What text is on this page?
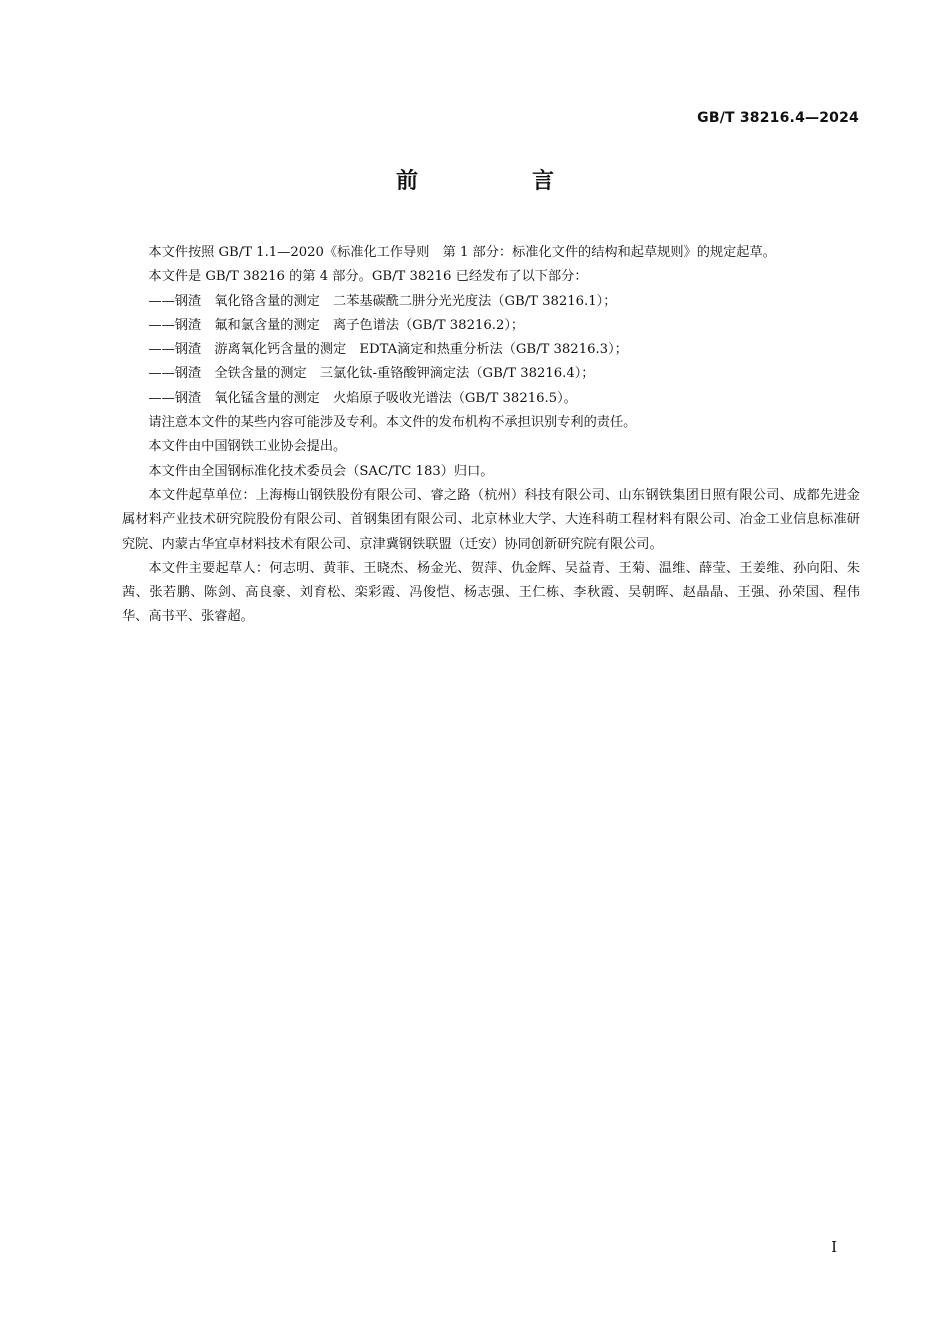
GB/T 38216.4—2024
前　言

本文件按照 GB/T 1.1—2020《标准化工作导则　第 1 部分：标准化文件的结构和起草规则》的规定起草。

本文件是 GB/T 38216 的第 4 部分。GB/T 38216 已经发布了以下部分：

——钢渣　氧化铬含量的测定　二苯基碳酰二肼分光光度法（GB/T 38216.1）；

——钢渣　氟和氯含量的测定　离子色谱法（GB/T 38216.2）；

——钢渣　游离氧化钙含量的测定　EDTA滴定和热重分析法（GB/T 38216.3）；

——钢渣　全铁含量的测定　三氯化钛-重铬酸钾滴定法（GB/T 38216.4）；

——钢渣　氧化锰含量的测定　火焰原子吸收光谱法（GB/T 38216.5）。

请注意本文件的某些内容可能涉及专利。本文件的发布机构不承担识别专利的责任。

本文件由中国钢铁工业协会提出。

本文件由全国钢标准化技术委员会（SAC/TC 183）归口。

本文件起草单位：上海梅山钢铁股份有限公司、睿之路（杭州）科技有限公司、山东钢铁集团日照有限公司、成都先进金属材料产业技术研究院股份有限公司、首钢集团有限公司、北京林业大学、大连科萌工程材料有限公司、冶金工业信息标准研究院、内蒙古华宜卓材料技术有限公司、京津冀钢铁联盟（迁安）协同创新研究院有限公司。

本文件主要起草人：何志明、黄菲、王晓杰、杨金光、贺萍、仇金辉、吴益青、王菊、温维、薛莹、王姜维、孙向阳、朱茜、张若鹏、陈剑、高良豪、刘育松、栾彩霞、冯俊恺、杨志强、王仁栋、李秋霞、吴朝晖、赵晶晶、王强、孙荣国、程伟华、高书平、张睿超。

I
